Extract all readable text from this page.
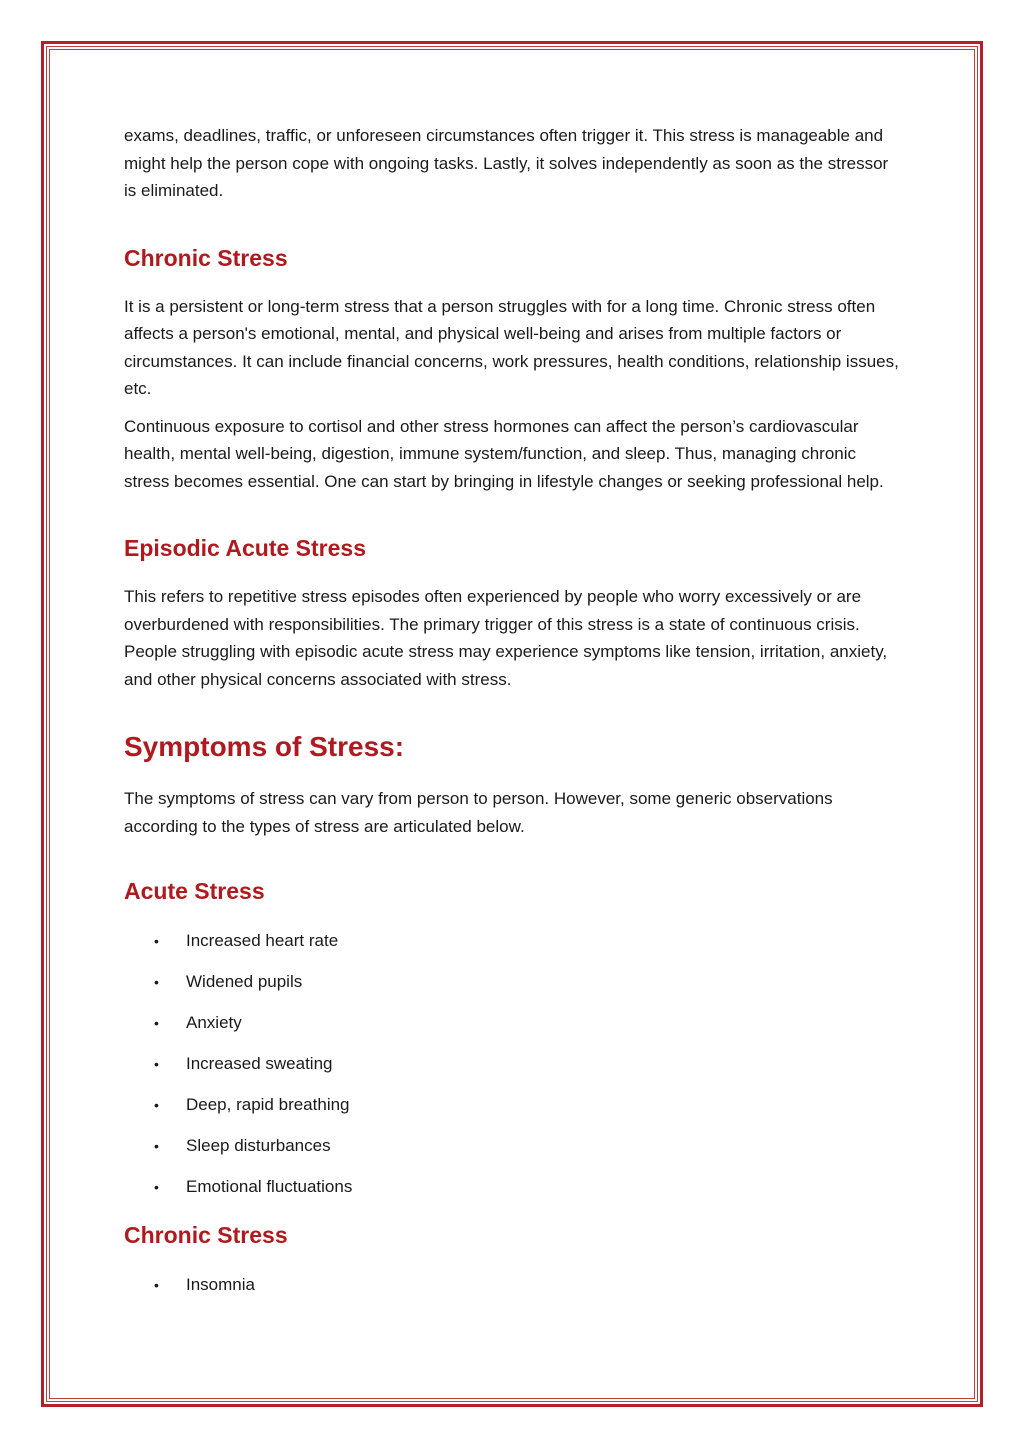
exams, deadlines, traffic, or unforeseen circumstances often trigger it. This stress is manageable and might help the person cope with ongoing tasks. Lastly, it solves independently as soon as the stressor is eliminated.

Chronic Stress

It is a persistent or long-term stress that a person struggles with for a long time. Chronic stress often affects a person's emotional, mental, and physical well-being and arises from multiple factors or circumstances. It can include financial concerns, work pressures, health conditions, relationship issues, etc.

Continuous exposure to cortisol and other stress hormones can affect the person’s cardiovascular health, mental well-being, digestion, immune system/function, and sleep. Thus, managing chronic stress becomes essential. One can start by bringing in lifestyle changes or seeking professional help.

Episodic Acute Stress

This refers to repetitive stress episodes often experienced by people who worry excessively or are overburdened with responsibilities. The primary trigger of this stress is a state of continuous crisis. People struggling with episodic acute stress may experience symptoms like tension, irritation, anxiety, and other physical concerns associated with stress.

Symptoms of Stress:

The symptoms of stress can vary from person to person. However, some generic observations according to the types of stress are articulated below.

Acute Stress
• Increased heart rate
• Widened pupils
• Anxiety
• Increased sweating
• Deep, rapid breathing
• Sleep disturbances
• Emotional fluctuations
Chronic Stress
• Insomnia
